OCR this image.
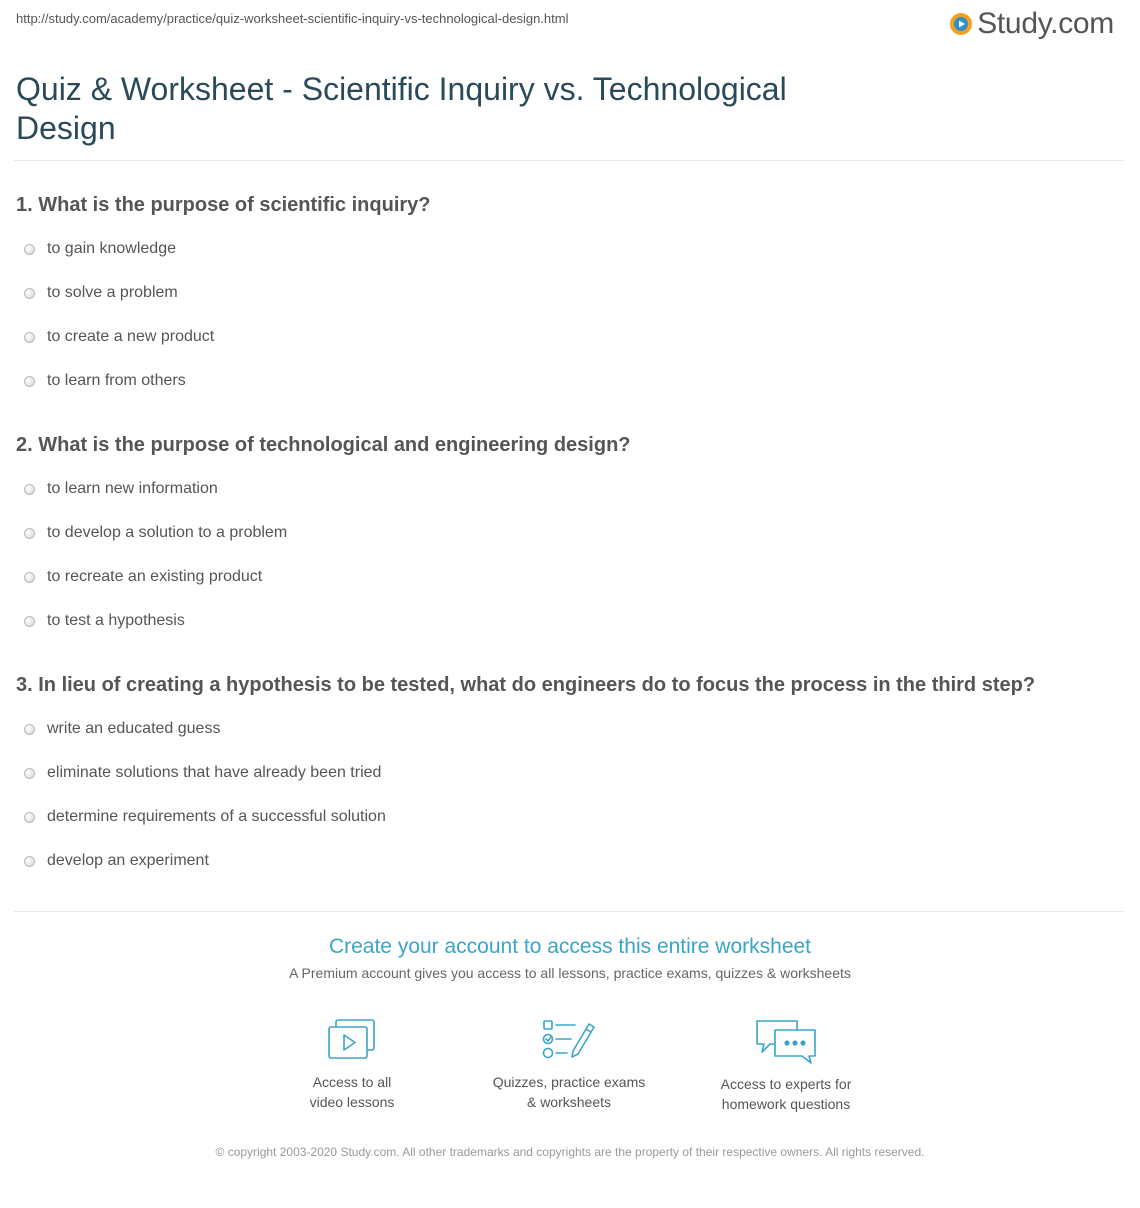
http://study.com/academy/practice/quiz-worksheet-scientific-inquiry-vs-technological-design.html	Study.com
Quiz & Worksheet - Scientific Inquiry vs. Technological Design
1. What is the purpose of scientific inquiry?
to gain knowledge
to solve a problem
to create a new product
to learn from others
2. What is the purpose of technological and engineering design?
to learn new information
to develop a solution to a problem
to recreate an existing product
to test a hypothesis
3. In lieu of creating a hypothesis to be tested, what do engineers do to focus the process in the third step?
write an educated guess
eliminate solutions that have already been tried
determine requirements of a successful solution
develop an experiment
Create your account to access this entire worksheet
A Premium account gives you access to all lessons, practice exams, quizzes & worksheets
Access to all
video lessons
Quizzes, practice exams
& worksheets
Access to experts for
homework questions
© copyright 2003-2020 Study.com. All other trademarks and copyrights are the property of their respective owners. All rights reserved.
